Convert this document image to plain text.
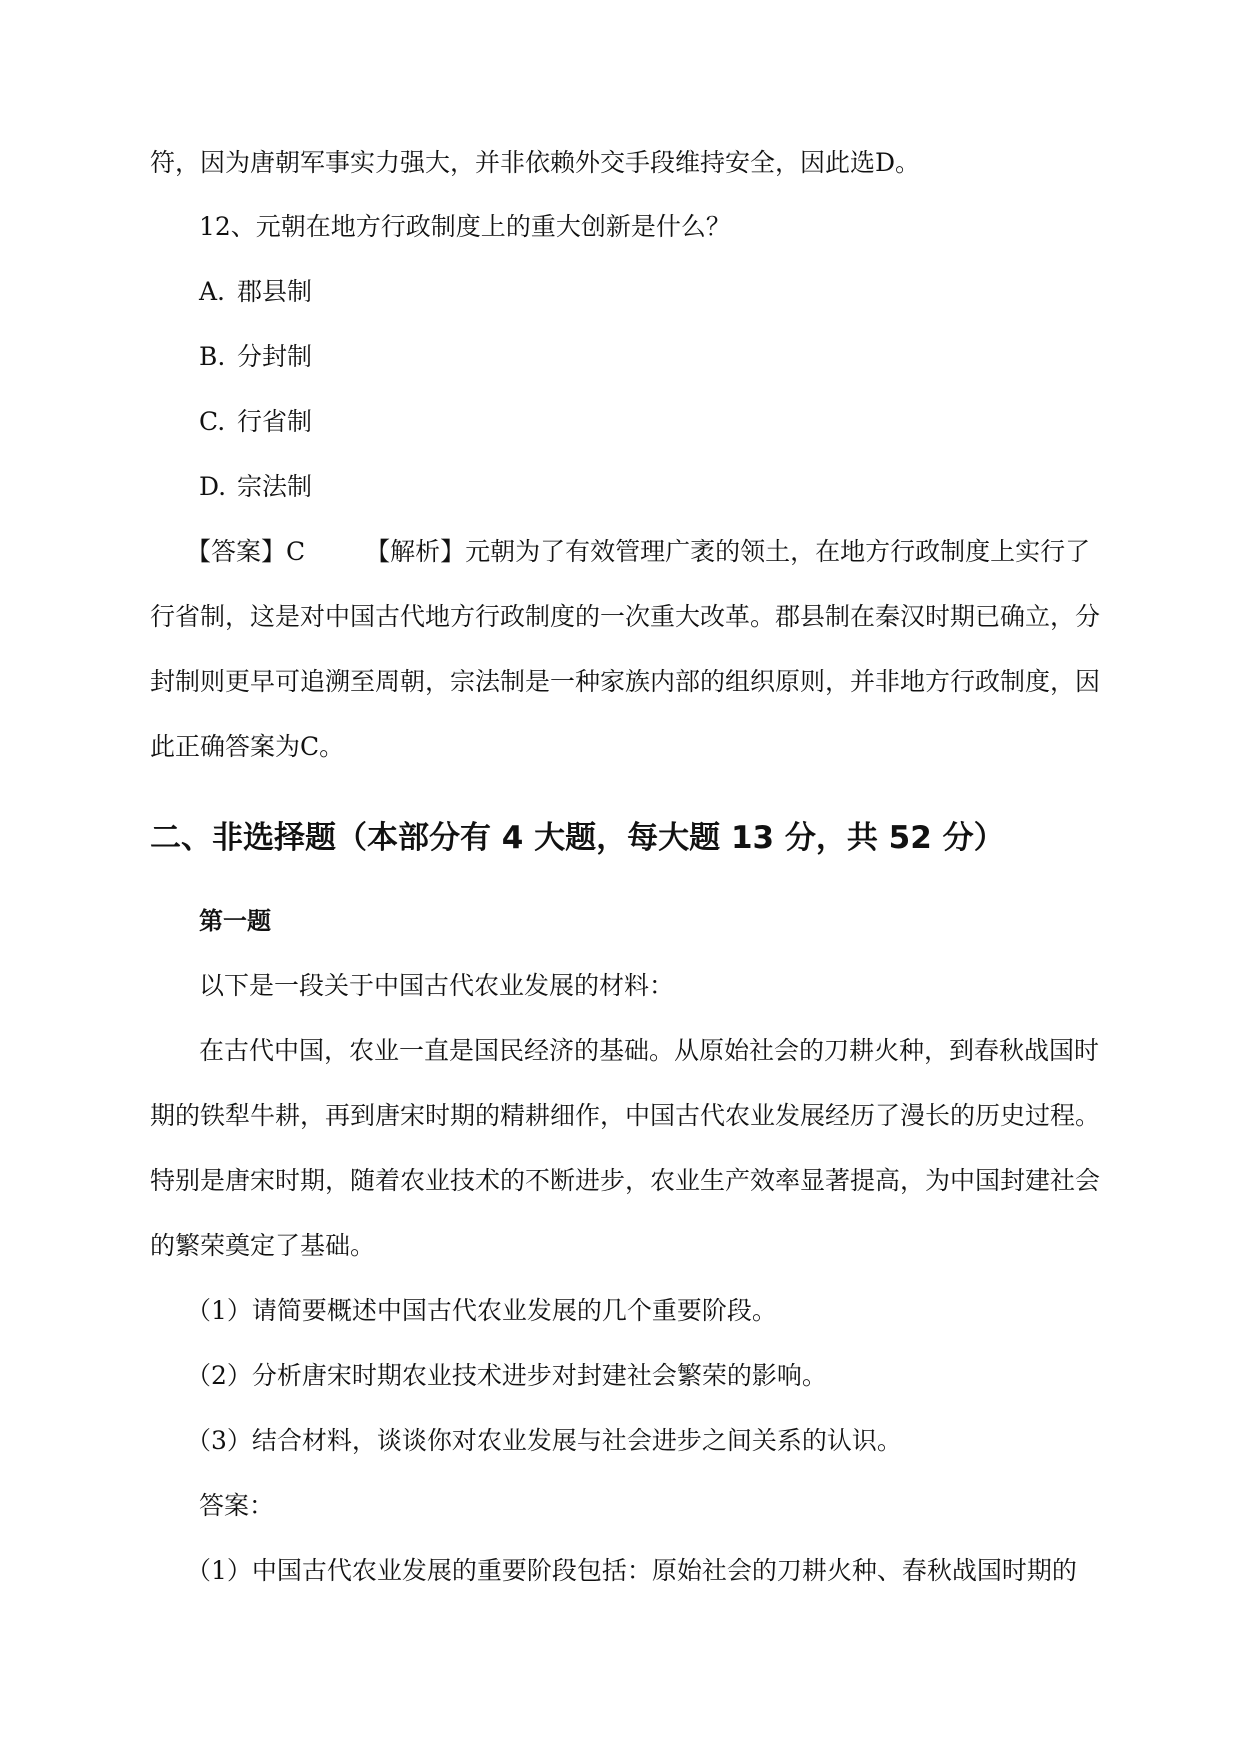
符，因为唐朝军事实力强大，并非依赖外交手段维持安全，因此选D。
12、元朝在地方行政制度上的重大创新是什么？
A. 郡县制
B. 分封制
C. 行省制
D. 宗法制
【答案】C 【解析】元朝为了有效管理广袤的领土，在地方行政制度上实行了
行省制，这是对中国古代地方行政制度的一次重大改革。郡县制在秦汉时期已确立，分
封制则更早可追溯至周朝，宗法制是一种家族内部的组织原则，并非地方行政制度，因
此正确答案为C。
二、非选择题（本部分有 4 大题，每大题 13 分，共 52 分）
第一题
以下是一段关于中国古代农业发展的材料：
在古代中国，农业一直是国民经济的基础。从原始社会的刀耕火种，到春秋战国时
期的铁犁牛耕，再到唐宋时期的精耕细作，中国古代农业发展经历了漫长的历史过程。
特别是唐宋时期，随着农业技术的不断进步，农业生产效率显著提高，为中国封建社会
的繁荣奠定了基础。
（1）请简要概述中国古代农业发展的几个重要阶段。
（2）分析唐宋时期农业技术进步对封建社会繁荣的影响。
（3）结合材料，谈谈你对农业发展与社会进步之间关系的认识。
答案：
（1）中国古代农业发展的重要阶段包括：原始社会的刀耕火种、春秋战国时期的
